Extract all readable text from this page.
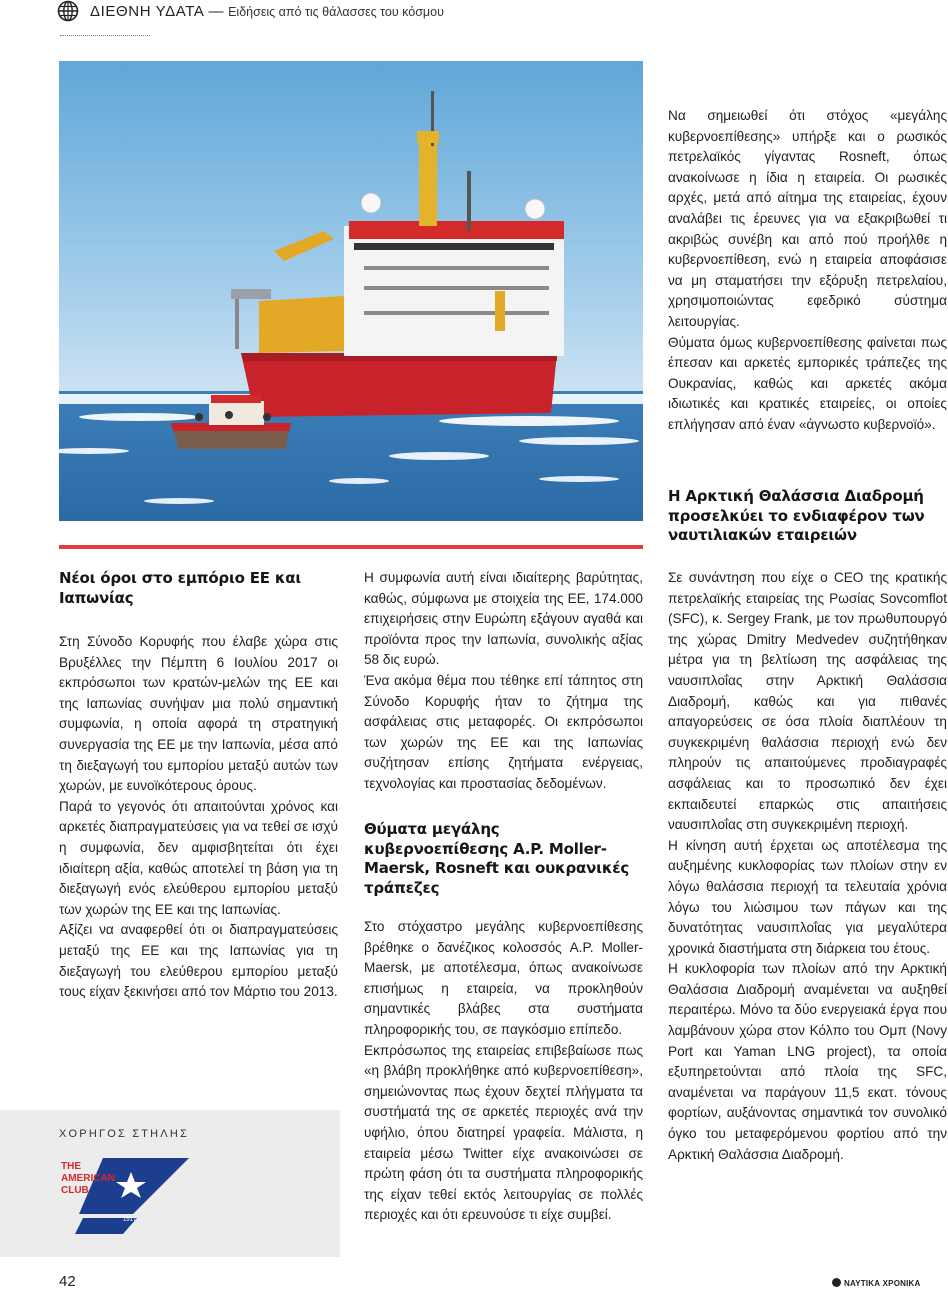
ΔΙΕΘΝΗ ΥΔΑΤΑ — Ειδήσεις από τις θάλασσες του κόσμου

Να σημειωθεί ότι στόχος «μεγάλης κυβερνοεπίθεσης» υπήρξε και ο ρωσικός πετρελαϊκός γίγαντας Rosneft, όπως ανακοίνωσε η ίδια η εταιρεία. Οι ρωσικές αρχές, μετά από αίτημα της εταιρείας, έχουν αναλάβει τις έρευνες για να εξακριβωθεί τι ακριβώς συνέβη και από πού προήλθε η κυβερνοεπίθεση, ενώ η εταιρεία αποφάσισε να μη σταματήσει την εξόρυξη πετρελαίου, χρησιμοποιώντας εφεδρικό σύστημα λειτουργίας.

Θύματα όμως κυβερνοεπίθεσης φαίνεται πως έπεσαν και αρκετές εμπορικές τράπεζες της Ουκρανίας, καθώς και αρκετές ακόμα ιδιωτικές και κρατικές εταιρείες, οι οποίες επλήγησαν από έναν «άγνωστο κυβερνοϊό».

Η Αρκτική Θαλάσσια Διαδρομή προσελκύει το ενδιαφέρον των ναυτιλιακών εταιρειών
Νέοι όροι στο εμπόριο ΕΕ και Ιαπωνίας

Στη Σύνοδο Κορυφής που έλαβε χώρα στις Βρυξέλλες την Πέμπτη 6 Ιουλίου 2017 οι εκπρόσωποι των κρατών-μελών της ΕΕ και της Ιαπωνίας συνήψαν μια πολύ σημαντική συμφωνία, η οποία αφορά τη στρατηγική συνεργασία της ΕΕ με την Ιαπωνία, μέσα από τη διεξαγωγή του εμπορίου μεταξύ αυτών των χωρών, με ευνοϊκότερους όρους.

Παρά το γεγονός ότι απαιτούνται χρόνος και αρκετές διαπραγματεύσεις για να τεθεί σε ισχύ η συμφωνία, δεν αμφισβητείται ότι έχει ιδιαίτερη αξία, καθώς αποτελεί τη βάση για τη διεξαγωγή ενός ελεύθερου εμπορίου μεταξύ των χωρών της ΕΕ και της Ιαπωνίας.

Αξίζει να αναφερθεί ότι οι διαπραγματεύσεις μεταξύ της ΕΕ και της Ιαπωνίας για τη διεξαγωγή του ελεύθερου εμπορίου μεταξύ τους είχαν ξεκινήσει από τον Μάρτιο του 2013.

Η συμφωνία αυτή είναι ιδιαίτερης βαρύτητας, καθώς, σύμφωνα με στοιχεία της ΕΕ, 174.000 επιχειρήσεις στην Ευρώπη εξάγουν αγαθά και προϊόντα προς την Ιαπωνία, συνολικής αξίας 58 δις ευρώ.

Ένα ακόμα θέμα που τέθηκε επί τάπητος στη Σύνοδο Κορυφής ήταν το ζήτημα της ασφάλειας στις μεταφορές. Οι εκπρόσωποι των χωρών της ΕΕ και της Ιαπωνίας συζήτησαν επίσης ζητήματα ενέργειας, τεχνολογίας και προστασίας δεδομένων.

Θύματα μεγάλης κυβερνοεπίθεσης A.P. Moller-Maersk, Rosneft και ουκρανικές τράπεζες

Στο στόχαστρο μεγάλης κυβερνοεπίθεσης βρέθηκε ο δανέζικος κολοσσός A.P. Moller-Maersk, με αποτέλεσμα, όπως ανακοίνωσε επισήμως η εταιρεία, να προκληθούν σημαντικές βλάβες στα συστήματα πληροφορικής του, σε παγκόσμιο επίπεδο.

Εκπρόσωπος της εταιρείας επιβεβαίωσε πως «η βλάβη προκλήθηκε από κυβερνοεπίθεση», σημειώνοντας πως έχουν δεχτεί πλήγματα τα συστήματά της σε αρκετές περιοχές ανά την υφήλιο, όπου διατηρεί γραφεία. Μάλιστα, η εταιρεία μέσω Twitter είχε ανακοινώσει σε πρώτη φάση ότι τα συστήματα πληροφορικής της είχαν τεθεί εκτός λειτουργίας σε πολλές περιοχές και ότι ερευνούσε τι είχε συμβεί.

Σε συνάντηση που είχε ο CEO της κρατικής πετρελαϊκής εταιρείας της Ρωσίας Sovcomflot (SFC), κ. Sergey Frank, με τον πρωθυπουργό της χώρας Dmitry Medvedev συζητήθηκαν μέτρα για τη βελτίωση της ασφάλειας της ναυσιπλοΐας στην Αρκτική Θαλάσσια Διαδρομή, καθώς και για πιθανές απαγορεύσεις σε όσα πλοία διαπλέουν τη συγκεκριμένη θαλάσσια περιοχή ενώ δεν πληρούν τις απαιτούμενες προδιαγραφές ασφάλειας και το προσωπικό δεν έχει εκπαιδευτεί επαρκώς στις απαιτήσεις ναυσιπλοΐας στη συγκεκριμένη περιοχή.

Η κίνηση αυτή έρχεται ως αποτέλεσμα της αυξημένης κυκλοφορίας των πλοίων στην εν λόγω θαλάσσια περιοχή τα τελευταία χρόνια λόγω του λιώσιμου των πάγων και της δυνατότητας ναυσιπλοΐας για μεγαλύτερα χρονικά διαστήματα στη διάρκεια του έτους.

Η κυκλοφορία των πλοίων από την Αρκτική Θαλάσσια Διαδρομή αναμένεται να αυξηθεί περαιτέρω. Μόνο τα δύο ενεργειακά έργα που λαμβάνουν χώρα στον Κόλπο του Ομπ (Novy Port και Yaman LNG project), τα οποία εξυπηρετούνται από πλοία της SFC, αναμένεται να παράγουν 11,5 εκατ. τόνους φορτίων, αυξάνοντας σημαντικά τον συνολικό όγκο του μεταφερόμενου φορτίου από την Αρκτική Θαλάσσια Διαδρομή.

ΧΟΡΗΓΟΣ ΣΤΗΛΗΣ
THE
AMERICAN
CLUB
1917
42	ΝΑΥΤΙΚΑ ΧΡΟΝΙΚΑ
